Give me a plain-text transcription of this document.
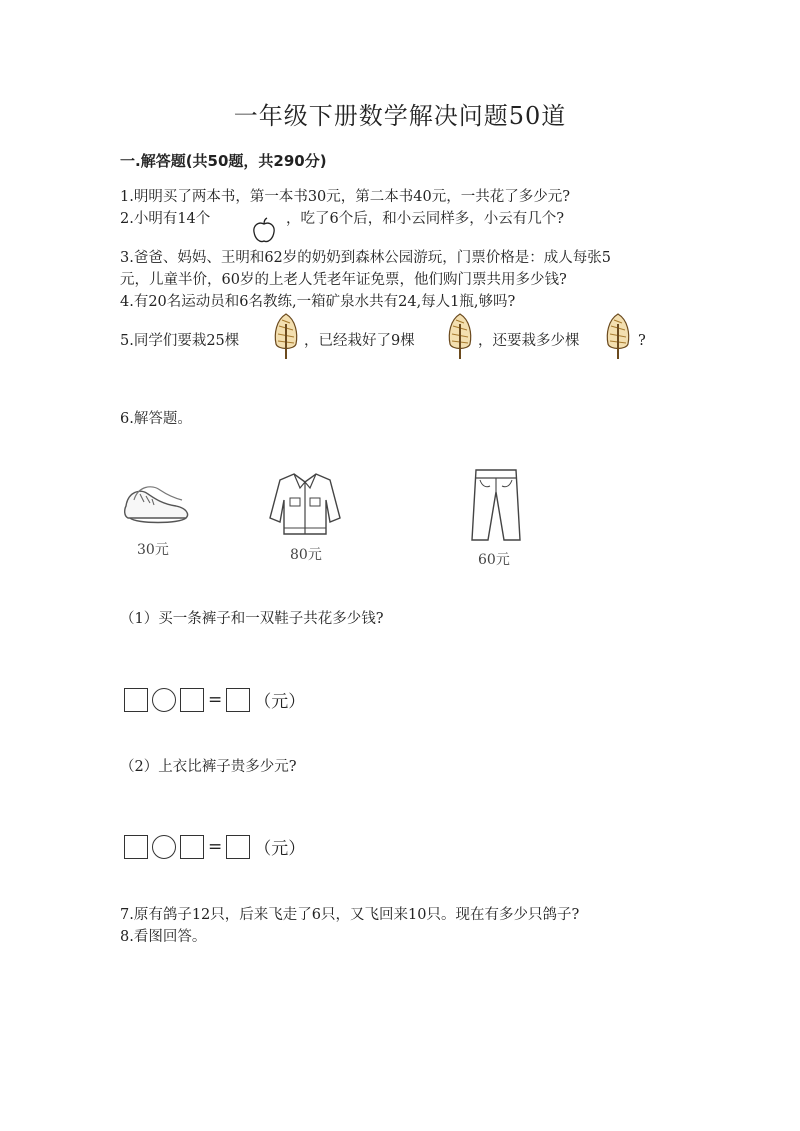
一年级下册数学解决问题50道
一.解答题(共50题，共290分)
1.明明买了两本书，第一本书30元，第二本书40元，一共花了多少元?
2.小明有14个	，吃了6个后，和小云同样多，小云有几个?
3.爸爸、妈妈、王明和62岁的奶奶到森林公园游玩，门票价格是：成人每张5
元，儿童半价，60岁的上老人凭老年证免票，他们购门票共用多少钱?
4.有20名运动员和6名教练,一箱矿泉水共有24,每人1瓶,够吗?
5.同学们要栽25棵	，已经栽好了9棵	，还要栽多少棵	?
6.解答题。
30元	80元	60元
（1）买一条裤子和一双鞋子共花多少钱?
= （元）
（2）上衣比裤子贵多少元?
= （元）
7.原有鸽子12只，后来飞走了6只，又飞回来10只。现在有多少只鸽子?
8.看图回答。
